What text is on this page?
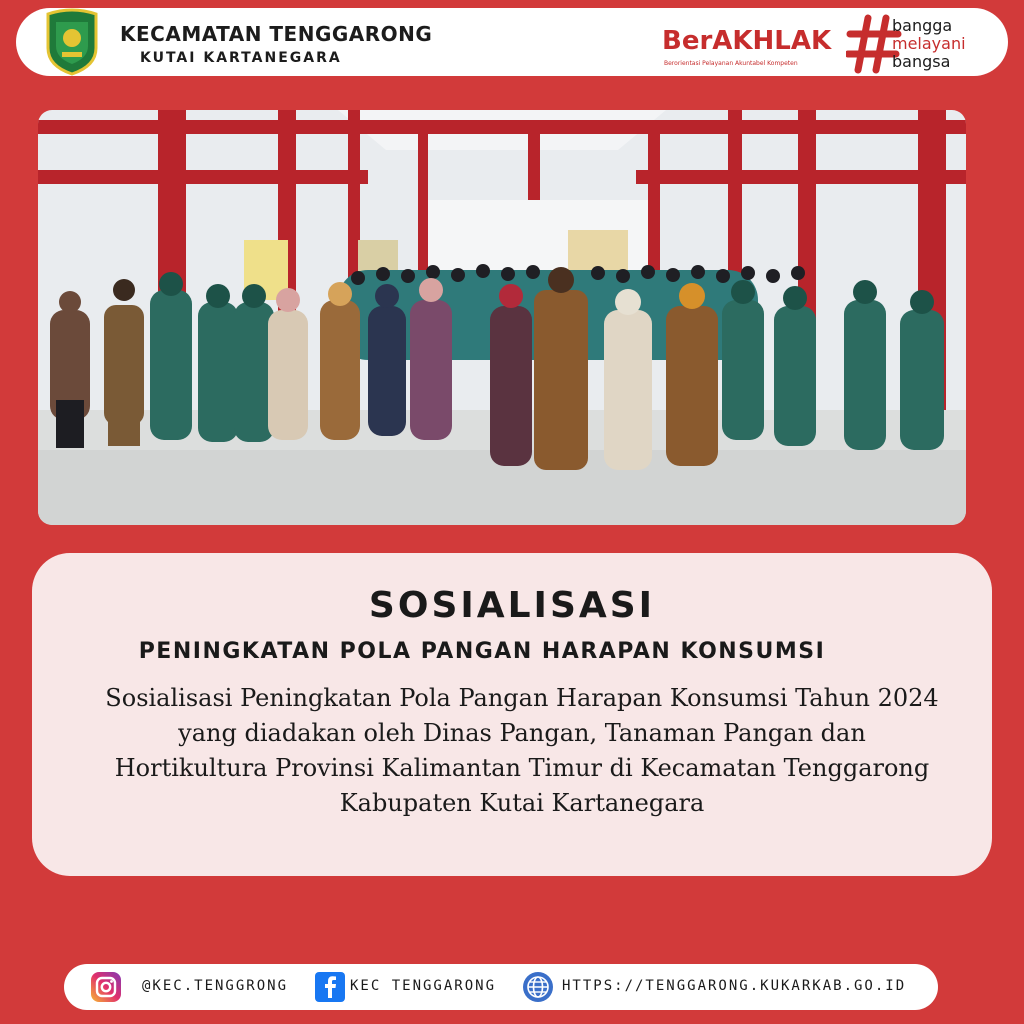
KECAMATAN TENGGARONG
KUTAI KARTANEGARA
BerAKHLAK
Berorientasi Pelayanan Akuntabel Kompeten
bangga
melayani
bangsa
SOSIALISASI
PENINGKATAN POLA PANGAN HARAPAN KONSUMSI
Sosialisasi Peningkatan Pola Pangan Harapan Konsumsi Tahun 2024
yang diadakan oleh Dinas Pangan, Tanaman Pangan dan
Hortikultura Provinsi Kalimantan Timur di Kecamatan Tenggarong
Kabupaten Kutai Kartanegara
@KEC.TENGGRONG	KEC TENGGARONG	HTTPS://TENGGARONG.KUKARKAB.GO.ID
